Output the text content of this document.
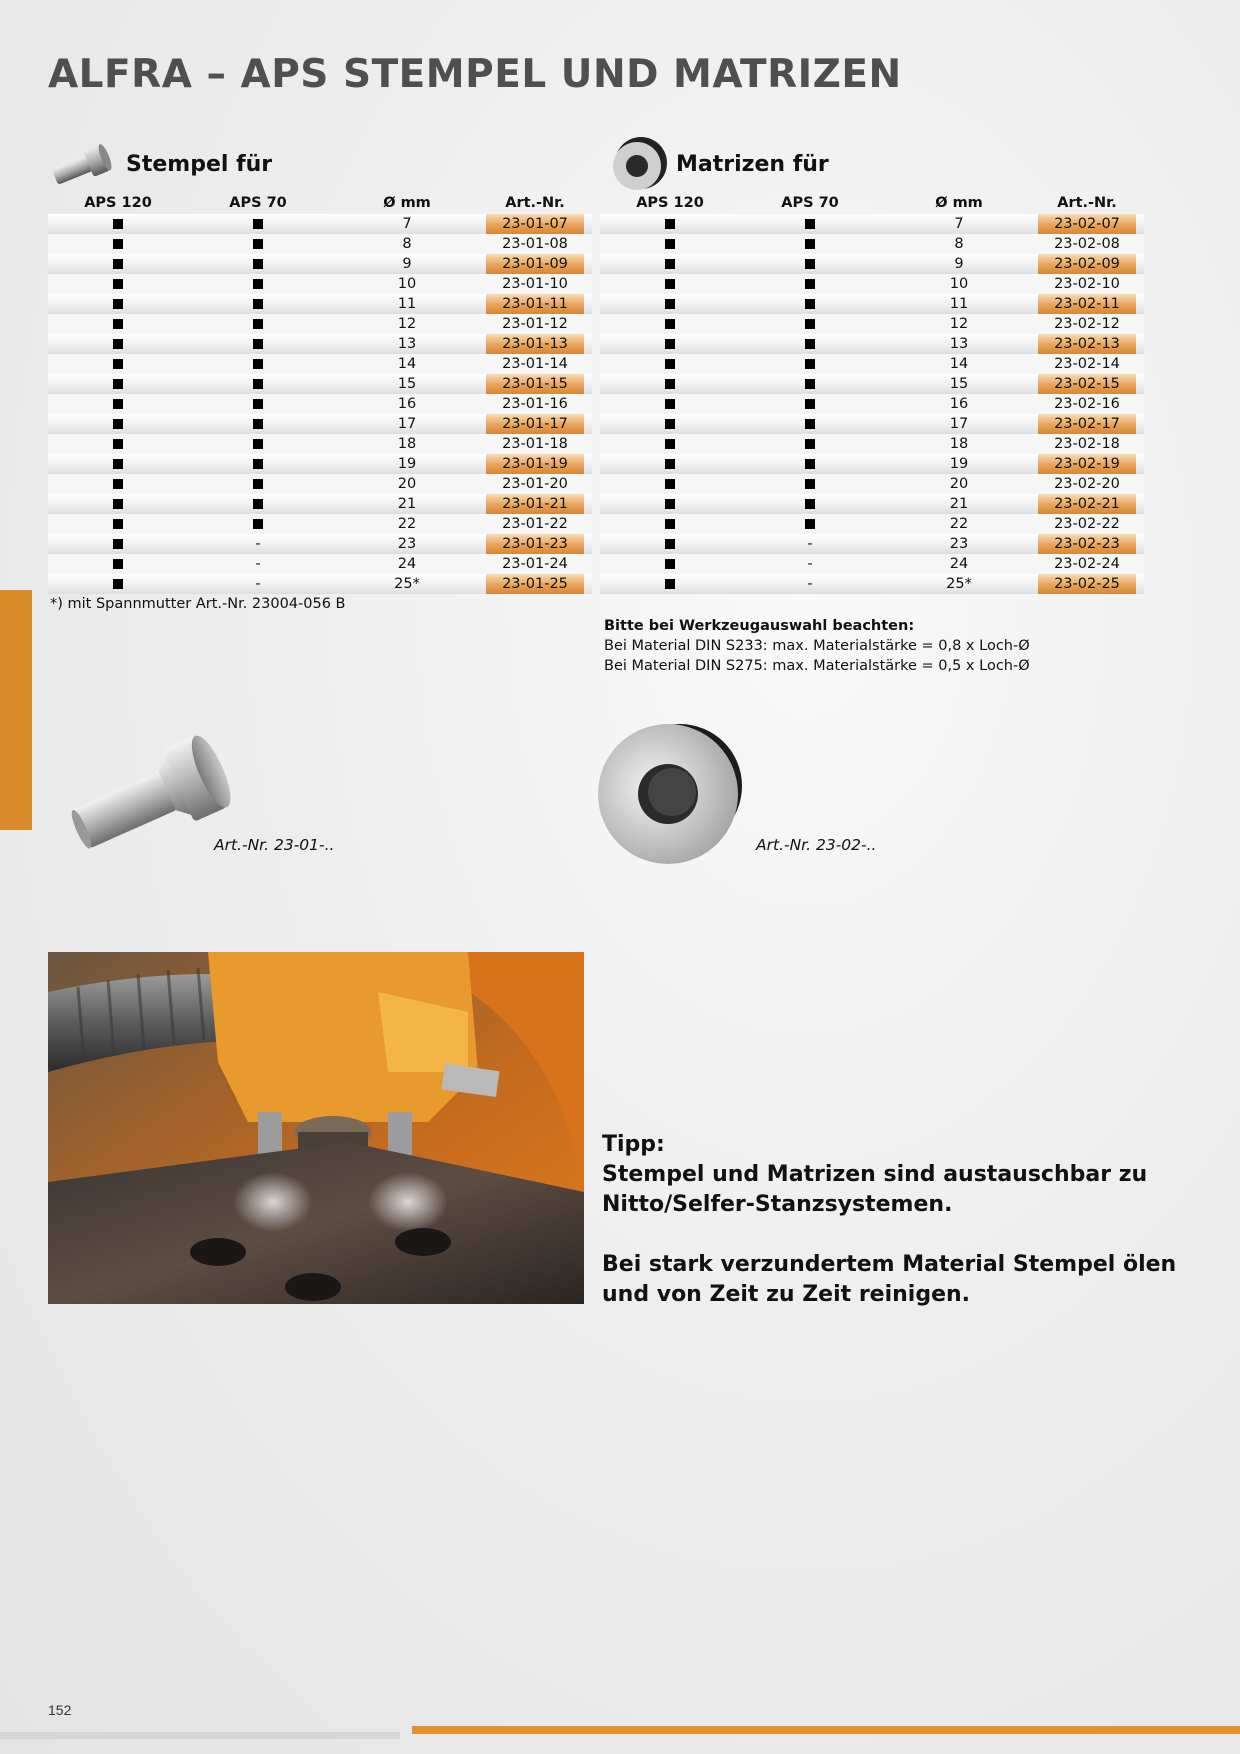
ALFRA – APS STEMPEL UND MATRIZEN
Stempel für	Matrizen für
APS 120	APS 70	Ø mm	Art.-Nr.	
		7	23-01-07	

		8	23-01-08	

		9	23-01-09	

		10	23-01-10	

		11	23-01-11	

		12	23-01-12	

		13	23-01-13	

		14	23-01-14	

		15	23-01-15	

		16	23-01-16	

		17	23-01-17	

		18	23-01-18	

		19	23-01-19	

		20	23-01-20	

		21	23-01-21	

		22	23-01-22	

	-	23	23-01-23	

	-	24	23-01-24	

	-	25*	23-01-25	

APS 120	APS 70	Ø mm	Art.-Nr.	
		7	23-02-07	

		8	23-02-08	

		9	23-02-09	

		10	23-02-10	

		11	23-02-11	

		12	23-02-12	

		13	23-02-13	

		14	23-02-14	

		15	23-02-15	

		16	23-02-16	

		17	23-02-17	

		18	23-02-18	

		19	23-02-19	

		20	23-02-20	

		21	23-02-21	

		22	23-02-22	

	-	23	23-02-23	

	-	24	23-02-24	

	-	25*	23-02-25	

*) mit Spannmutter Art.-Nr. 23004-056 B
Bitte bei Werkzeugauswahl beachten:
Bei Material DIN S233: max. Materialstärke = 0,8 x Loch-Ø
Bei Material DIN S275: max. Materialstärke = 0,5 x Loch-Ø
Art.-Nr. 23-01-..	Art.-Nr. 23-02-..

Tipp:

Stempel und Matrizen sind austauschbar zu Nitto/Selfer-Stanzsystemen.

Bei stark verzundertem Material Stempel ölen und von Zeit zu Zeit reinigen.

152
